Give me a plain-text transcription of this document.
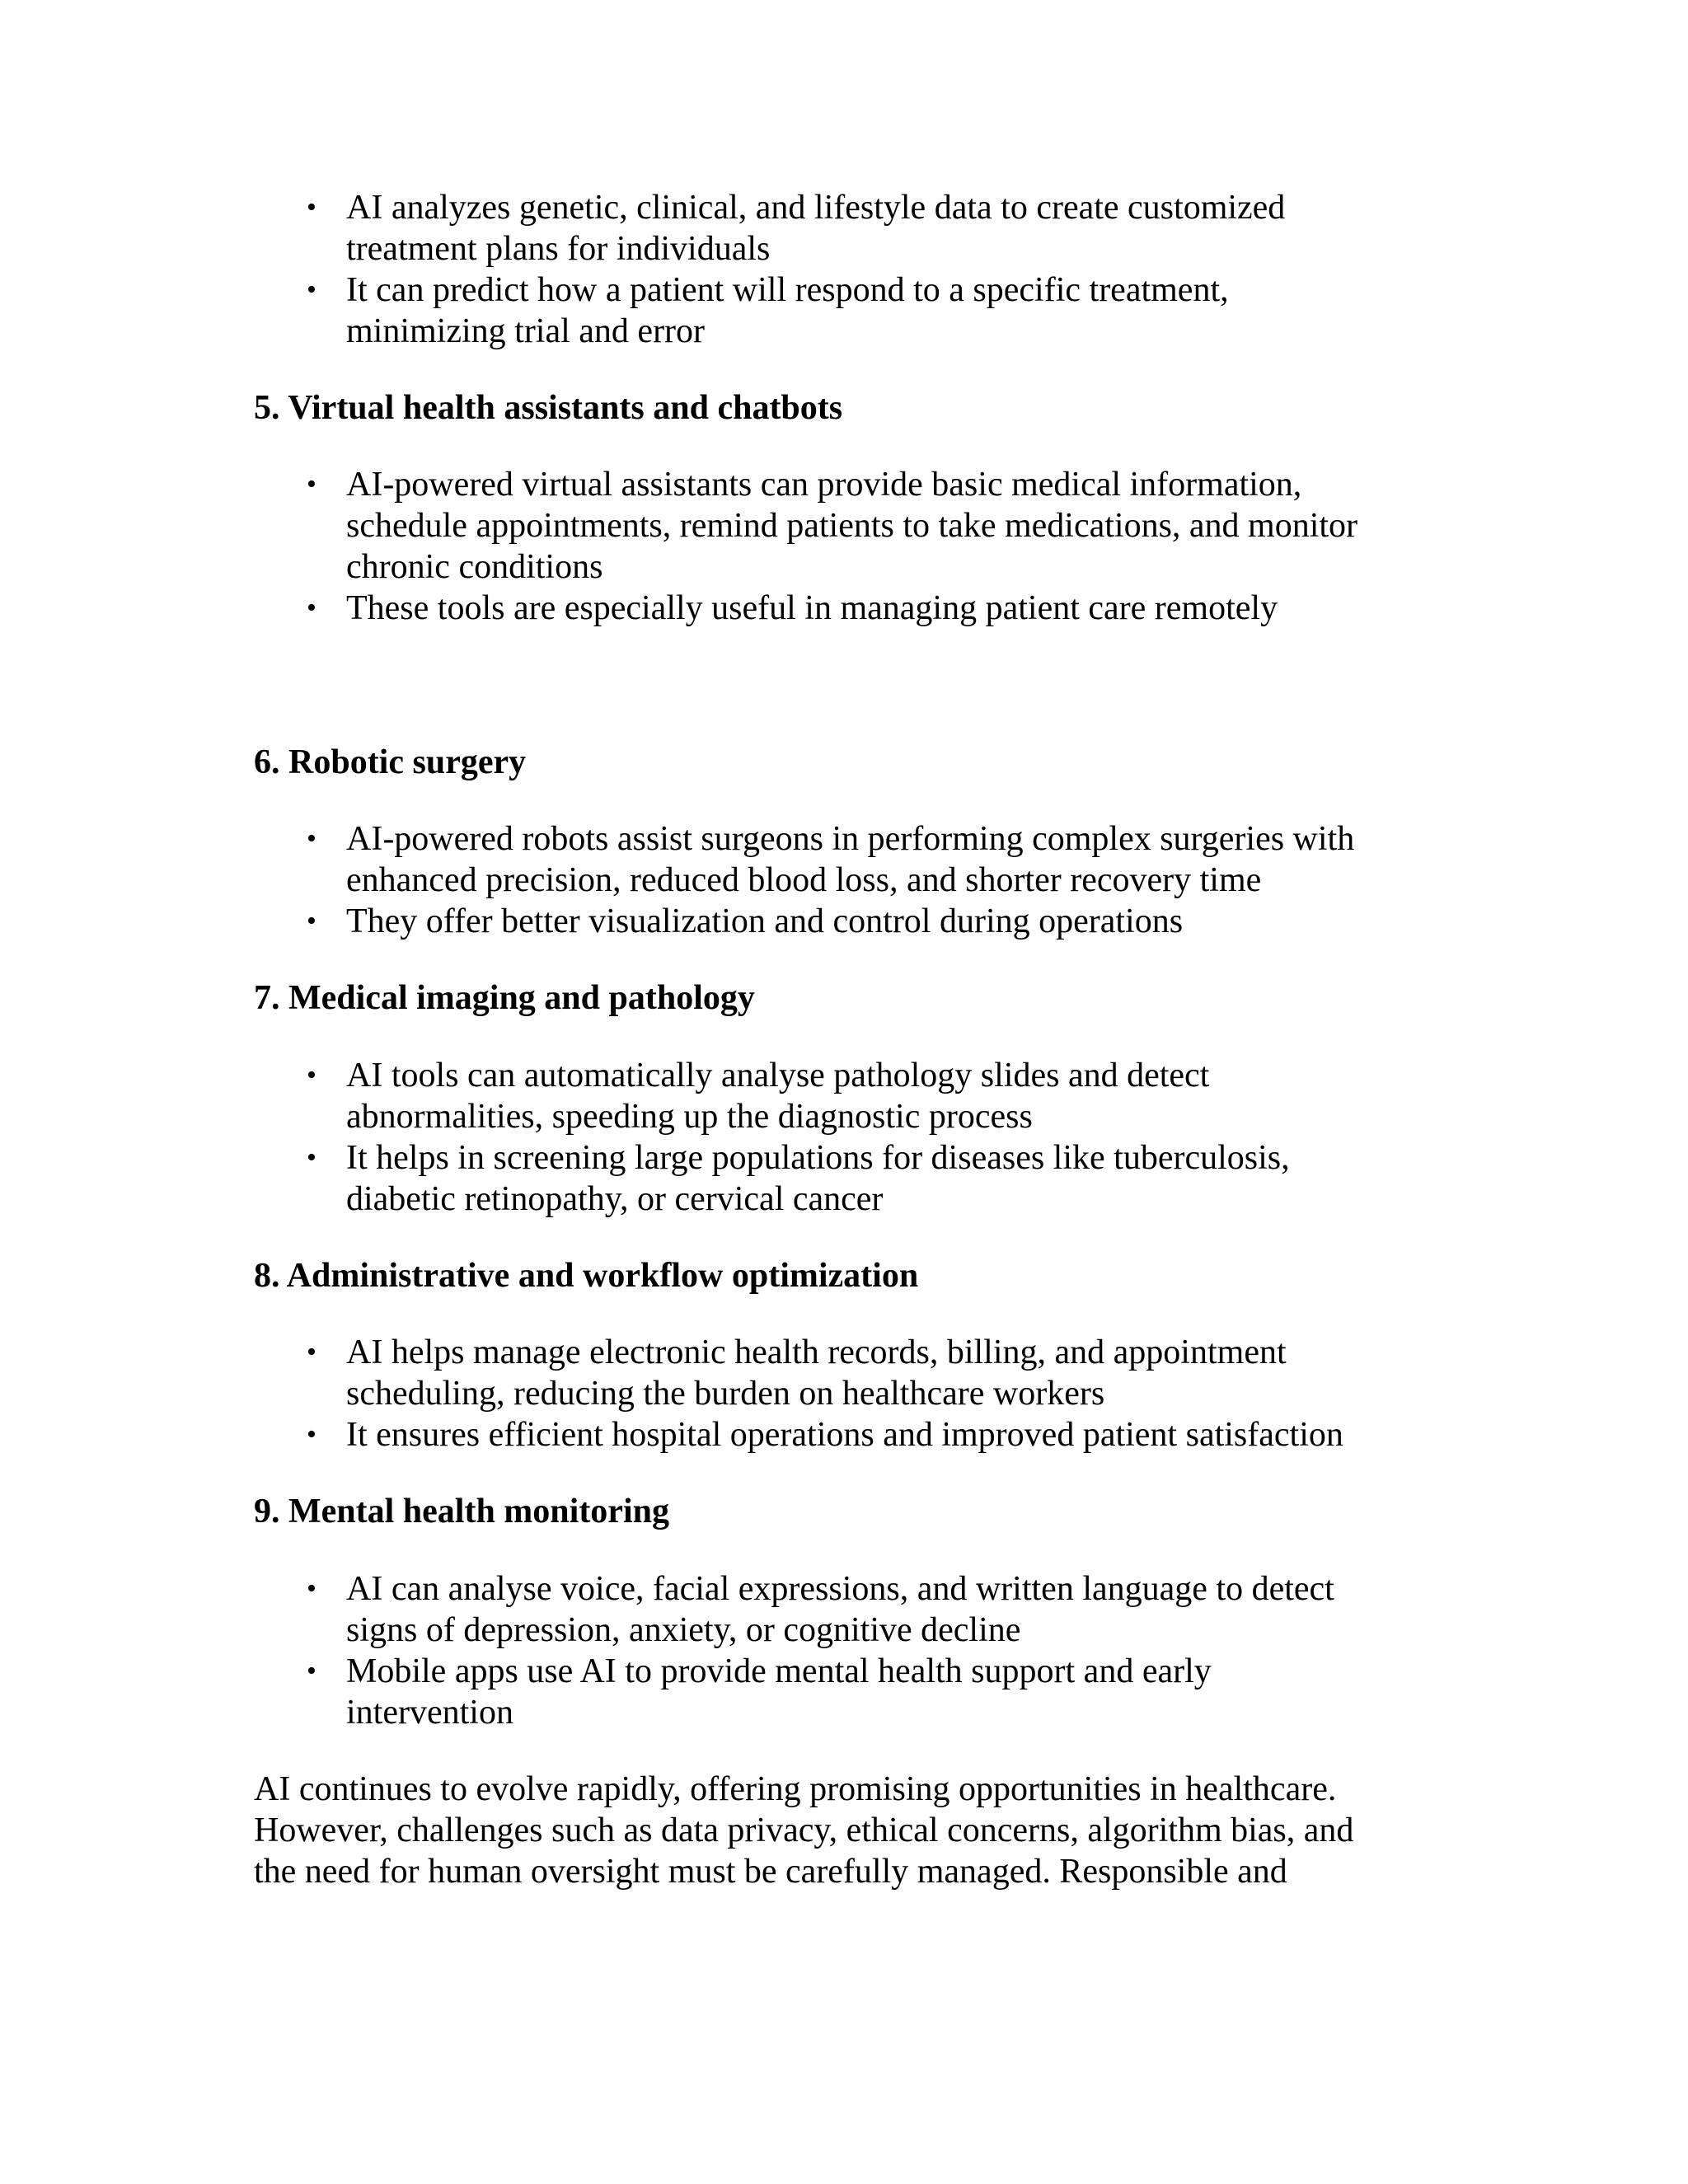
• AI analyzes genetic, clinical, and lifestyle data to create customized
treatment plans for individuals
• It can predict how a patient will respond to a specific treatment,
minimizing trial and error
5. Virtual health assistants and chatbots
• AI-powered virtual assistants can provide basic medical information,
schedule appointments, remind patients to take medications, and monitor
chronic conditions
• These tools are especially useful in managing patient care remotely
6. Robotic surgery
• AI-powered robots assist surgeons in performing complex surgeries with
enhanced precision, reduced blood loss, and shorter recovery time
• They offer better visualization and control during operations
7. Medical imaging and pathology
• AI tools can automatically analyse pathology slides and detect
abnormalities, speeding up the diagnostic process
• It helps in screening large populations for diseases like tuberculosis,
diabetic retinopathy, or cervical cancer
8. Administrative and workflow optimization
• AI helps manage electronic health records, billing, and appointment
scheduling, reducing the burden on healthcare workers
• It ensures efficient hospital operations and improved patient satisfaction
9. Mental health monitoring
• AI can analyse voice, facial expressions, and written language to detect
signs of depression, anxiety, or cognitive decline
• Mobile apps use AI to provide mental health support and early
intervention
AI continues to evolve rapidly, offering promising opportunities in healthcare.
However, challenges such as data privacy, ethical concerns, algorithm bias, and
the need for human oversight must be carefully managed. Responsible and
